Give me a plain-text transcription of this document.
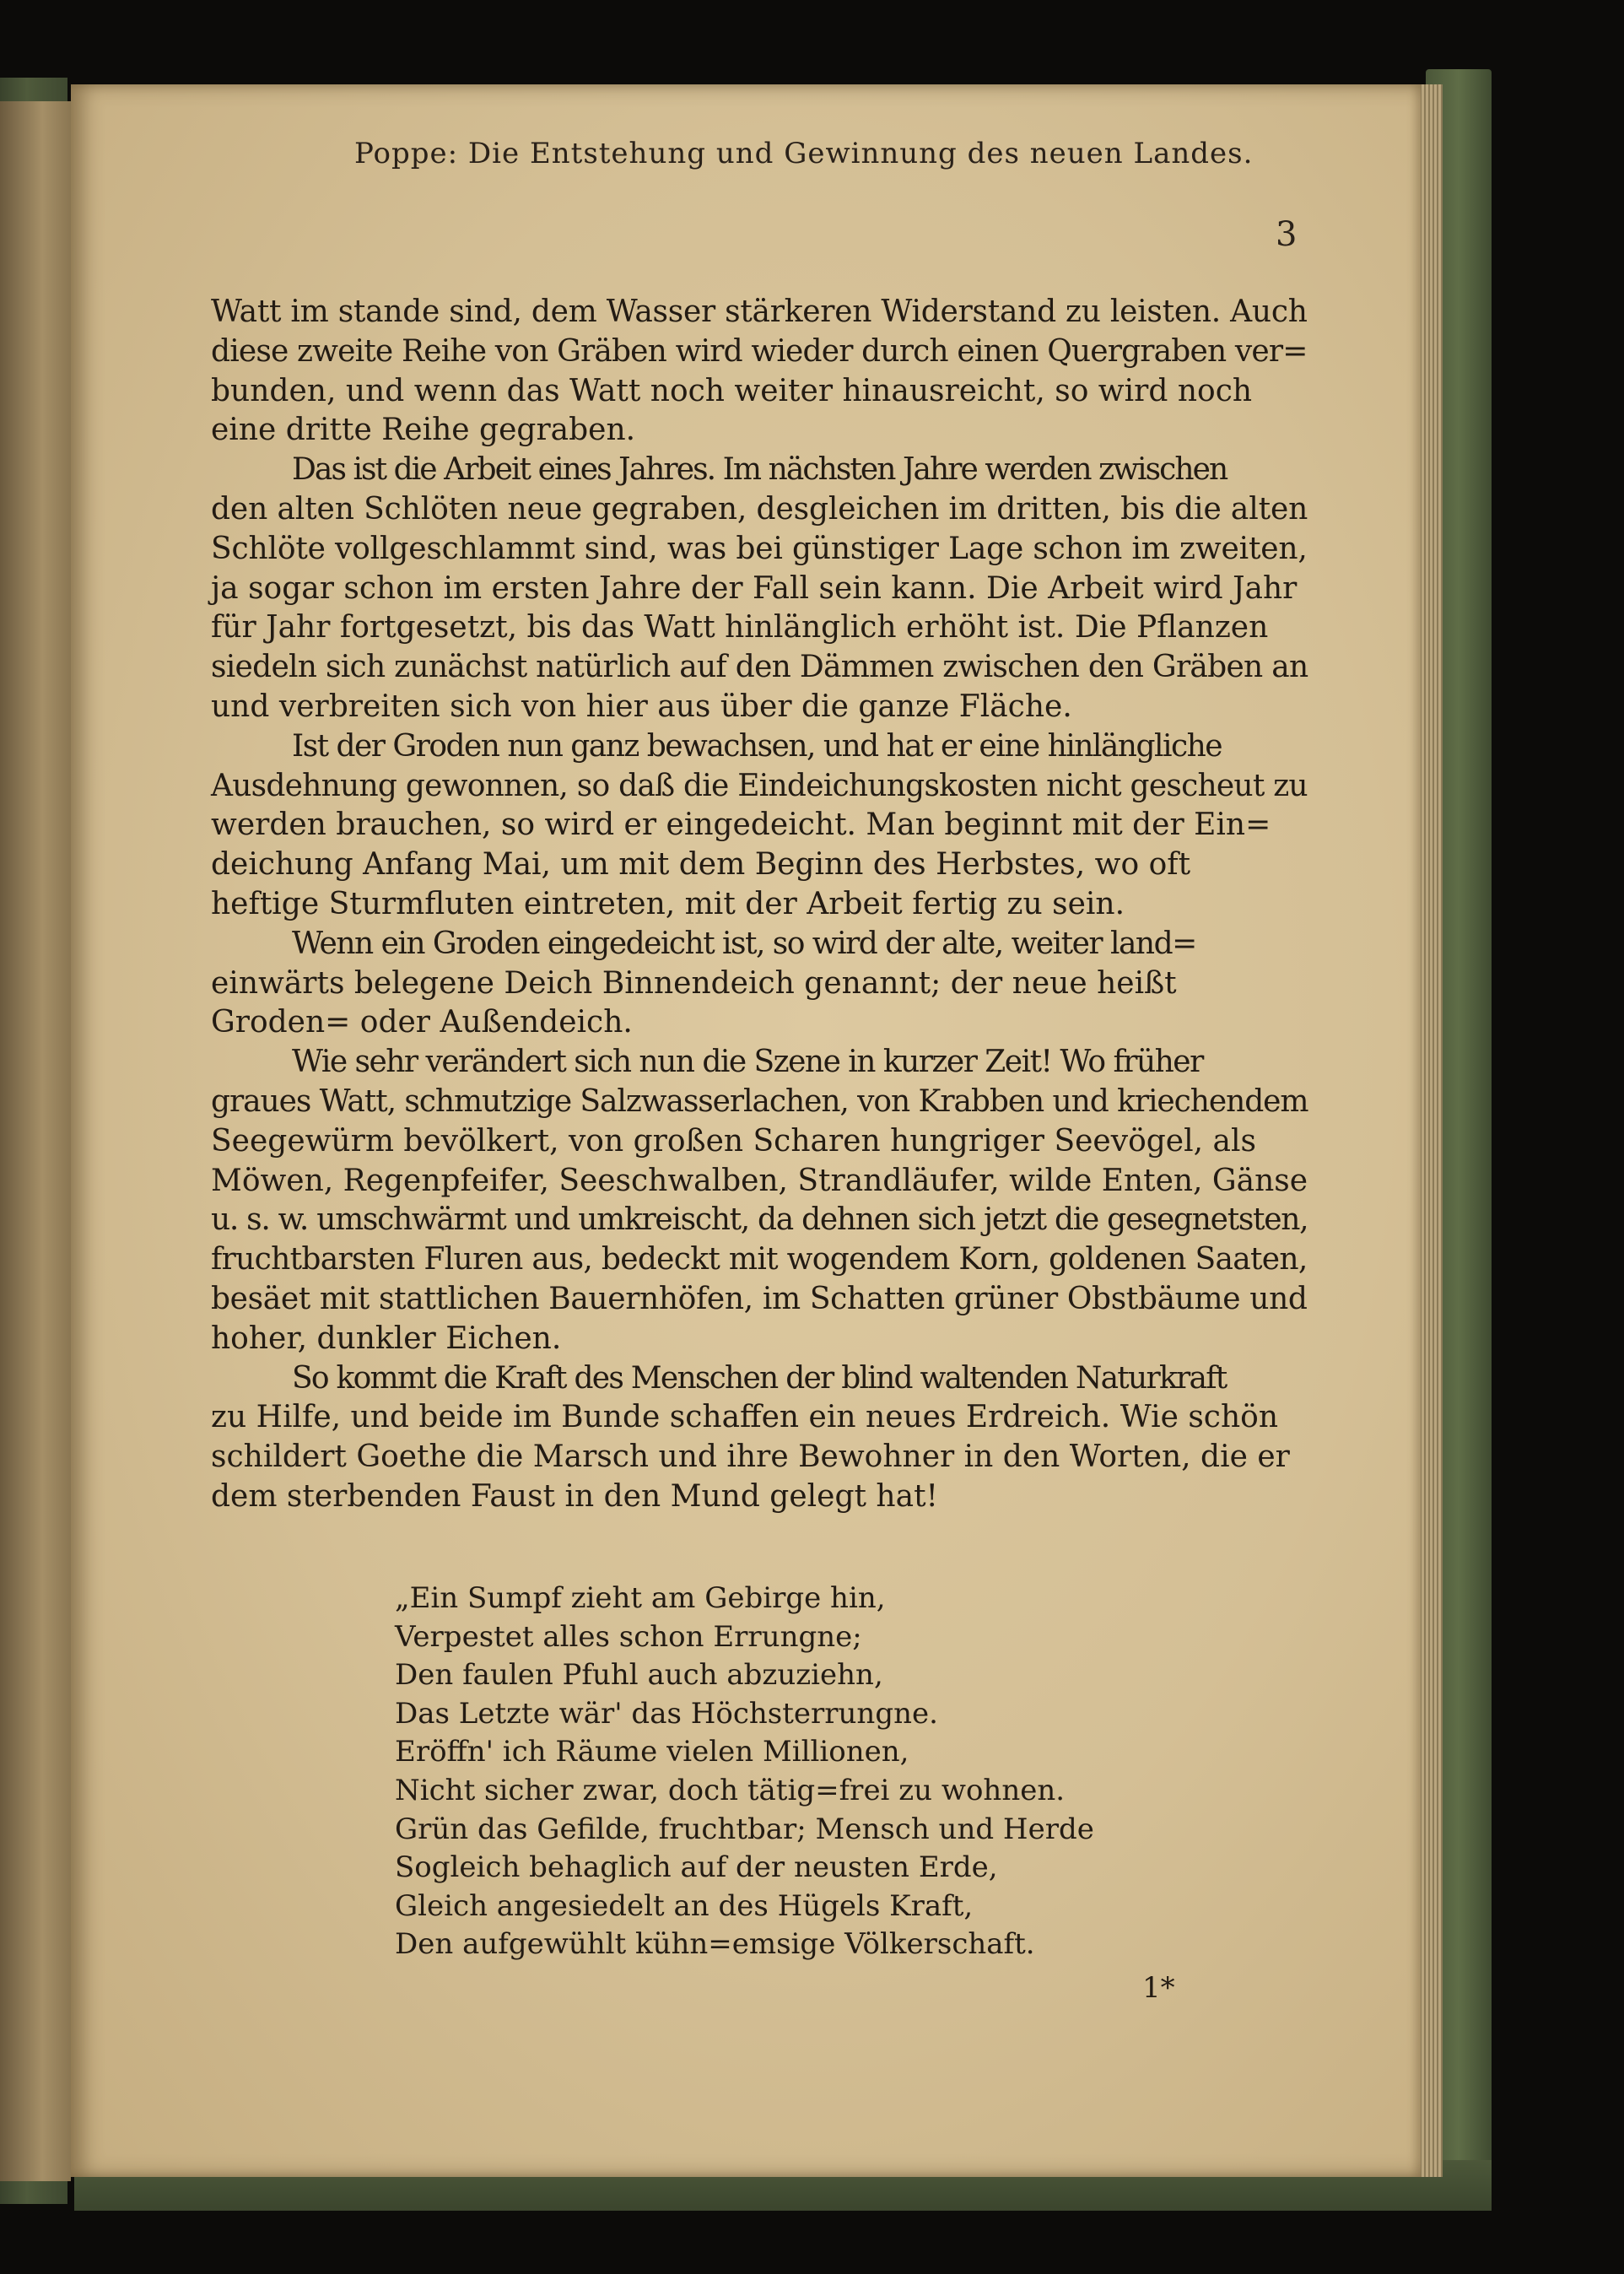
Poppe: Die Entstehung und Gewinnung des neuen Landes.
3
Watt im stande sind, dem Wasser stärkeren Widerstand zu leisten. Auch
diese zweite Reihe von Gräben wird wieder durch einen Quergraben ver=
bunden, und wenn das Watt noch weiter hinausreicht, so wird noch
eine dritte Reihe gegraben.
Das ist die Arbeit eines Jahres. Im nächsten Jahre werden zwischen
den alten Schlöten neue gegraben, desgleichen im dritten, bis die alten
Schlöte vollgeschlammt sind, was bei günstiger Lage schon im zweiten,
ja sogar schon im ersten Jahre der Fall sein kann. Die Arbeit wird Jahr
für Jahr fortgesetzt, bis das Watt hinlänglich erhöht ist. Die Pflanzen
siedeln sich zunächst natürlich auf den Dämmen zwischen den Gräben an
und verbreiten sich von hier aus über die ganze Fläche.
Ist der Groden nun ganz bewachsen, und hat er eine hinlängliche
Ausdehnung gewonnen, so daß die Eindeichungskosten nicht gescheut zu
werden brauchen, so wird er eingedeicht. Man beginnt mit der Ein=
deichung Anfang Mai, um mit dem Beginn des Herbstes, wo oft
heftige Sturmfluten eintreten, mit der Arbeit fertig zu sein.
Wenn ein Groden eingedeicht ist, so wird der alte, weiter land=
einwärts belegene Deich Binnendeich genannt; der neue heißt
Groden= oder Außendeich.
Wie sehr verändert sich nun die Szene in kurzer Zeit! Wo früher
graues Watt, schmutzige Salzwasserlachen, von Krabben und kriechendem
Seegewürm bevölkert, von großen Scharen hungriger Seevögel, als
Möwen, Regenpfeifer, Seeschwalben, Strandläufer, wilde Enten, Gänse
u. s. w. umschwärmt und umkreischt, da dehnen sich jetzt die gesegnetsten,
fruchtbarsten Fluren aus, bedeckt mit wogendem Korn, goldenen Saaten,
besäet mit stattlichen Bauernhöfen, im Schatten grüner Obstbäume und
hoher, dunkler Eichen.
So kommt die Kraft des Menschen der blind waltenden Naturkraft
zu Hilfe, und beide im Bunde schaffen ein neues Erdreich. Wie schön
schildert Goethe die Marsch und ihre Bewohner in den Worten, die er
dem sterbenden Faust in den Mund gelegt hat!
„Ein Sumpf zieht am Gebirge hin,
Verpestet alles schon Errungne;
Den faulen Pfuhl auch abzuziehn,
Das Letzte wär' das Höchsterrungne.
Eröffn' ich Räume vielen Millionen,
Nicht sicher zwar, doch tätig=frei zu wohnen.
Grün das Gefilde, fruchtbar; Mensch und Herde
Sogleich behaglich auf der neusten Erde,
Gleich angesiedelt an des Hügels Kraft,
Den aufgewühlt kühn=emsige Völkerschaft.
1*
